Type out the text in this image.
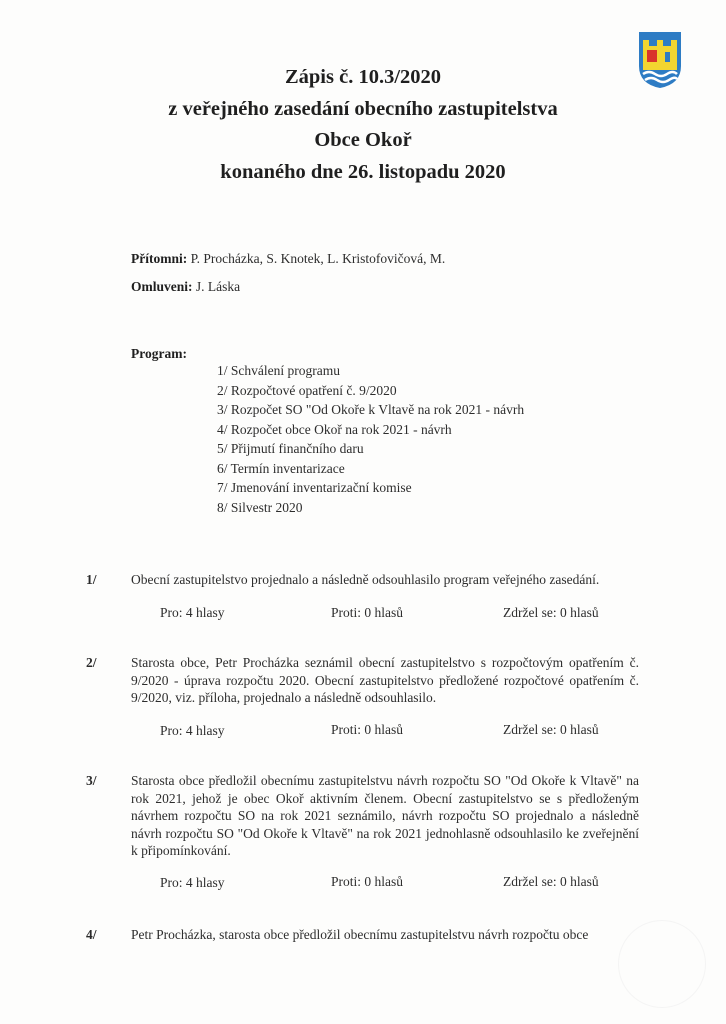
Zápis č. 10.3/2020
z veřejného zasedání obecního zastupitelstva
Obce Okoř
konaného dne 26. listopadu 2020
Přítomni: P. Procházka, S. Knotek, L. Kristofovičová, M.
Omluveni: J. Láska
Program:
1/ Schválení programu
2/ Rozpočtové opatření č. 9/2020
3/ Rozpočet SO "Od Okoře k Vltavě na rok 2021 - návrh
4/ Rozpočet obce Okoř na rok 2021 - návrh
5/ Přijmutí finančního daru
6/ Termín inventarizace
7/ Jmenování inventarizační komise
8/ Silvestr 2020
1/	Obecní zastupitelstvo projednalo a následně odsouhlasilo program veřejného zasedání.
Pro: 4 hlasy	Proti: 0 hlasů	Zdržel se: 0 hlasů
2/	Starosta obce, Petr Procházka seznámil obecní zastupitelstvo s rozpočtovým opatřením č. 9/2020 - úprava rozpočtu 2020. Obecní zastupitelstvo předložené rozpočtové opatřením č. 9/2020, viz. příloha, projednalo a následně odsouhlasilo.
Pro: 4 hlasy	Proti: 0 hlasů	Zdržel se: 0 hlasů
3/	Starosta obce předložil obecnímu zastupitelstvu návrh rozpočtu SO "Od Okoře k Vltavě" na rok 2021, jehož je obec Okoř aktivním členem. Obecní zastupitelstvo se s předloženým návrhem rozpočtu SO na rok 2021 seznámilo, návrh rozpočtu SO projednalo a následně návrh rozpočtu SO "Od Okoře k Vltavě" na rok 2021 jednohlasně odsouhlasilo ke zveřejnění k připomínkování.
Pro: 4 hlasy	Proti: 0 hlasů	Zdržel se: 0 hlasů
4/	Petr Procházka, starosta obce předložil obecnímu zastupitelstvu návrh rozpočtu obce
